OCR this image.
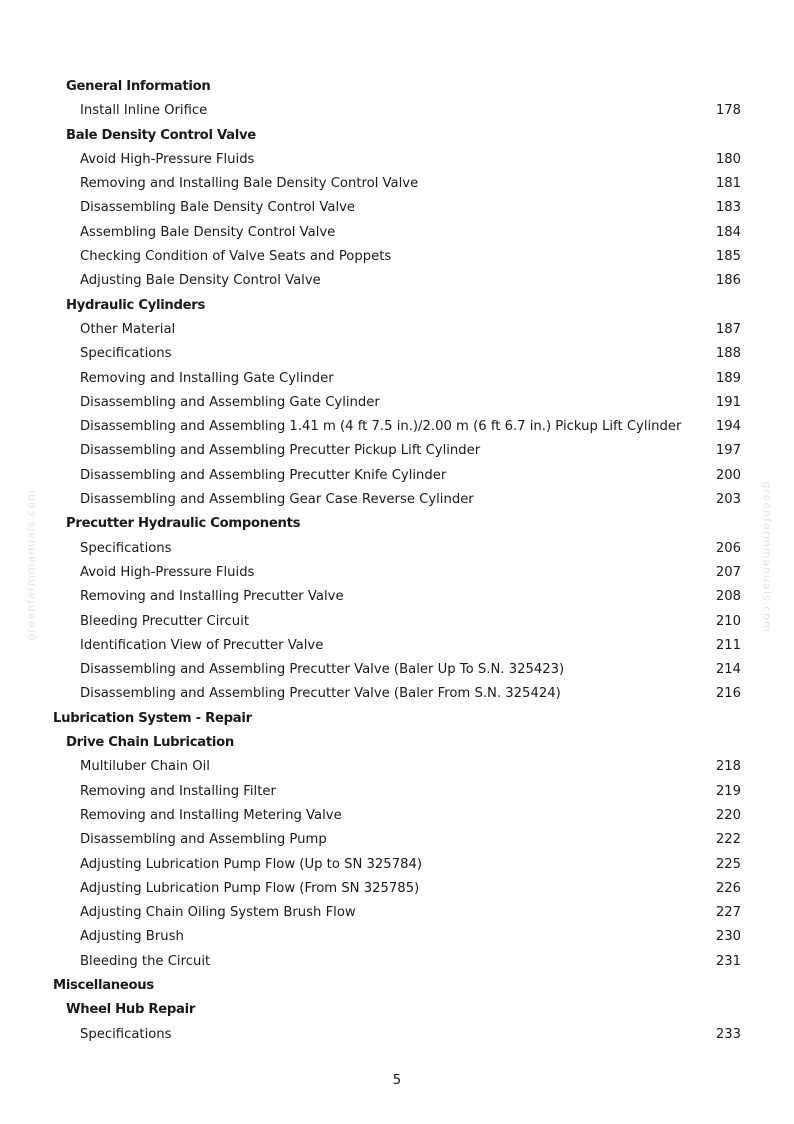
General Information
Install Inline Orifice	178
Bale Density Control Valve
Avoid High-Pressure Fluids	180
Removing and Installing Bale Density Control Valve	181
Disassembling Bale Density Control Valve	183
Assembling Bale Density Control Valve	184
Checking Condition of Valve Seats and Poppets	185
Adjusting Bale Density Control Valve	186
Hydraulic Cylinders
Other Material	187
Specifications	188
Removing and Installing Gate Cylinder	189
Disassembling and Assembling Gate Cylinder	191
Disassembling and Assembling 1.41 m (4 ft 7.5 in.)/2.00 m (6 ft 6.7 in.) Pickup Lift Cylinder	194
Disassembling and Assembling Precutter Pickup Lift Cylinder	197
Disassembling and Assembling Precutter Knife Cylinder	200
Disassembling and Assembling Gear Case Reverse Cylinder	203
Precutter Hydraulic Components
Specifications	206
Avoid High-Pressure Fluids	207
Removing and Installing Precutter Valve	208
Bleeding Precutter Circuit	210
Identification View of Precutter Valve	211
Disassembling and Assembling Precutter Valve (Baler Up To S.N. 325423)	214
Disassembling and Assembling Precutter Valve (Baler From S.N. 325424)	216
Lubrication System - Repair
Drive Chain Lubrication
Multiluber Chain Oil	218
Removing and Installing Filter	219
Removing and Installing Metering Valve	220
Disassembling and Assembling Pump	222
Adjusting Lubrication Pump Flow (Up to SN 325784)	225
Adjusting Lubrication Pump Flow (From SN 325785)	226
Adjusting Chain Oiling System Brush Flow	227
Adjusting Brush	230
Bleeding the Circuit	231
Miscellaneous
Wheel Hub Repair
Specifications	233
greenfarmmanuals.com	greenfarmmanuals.com
5
